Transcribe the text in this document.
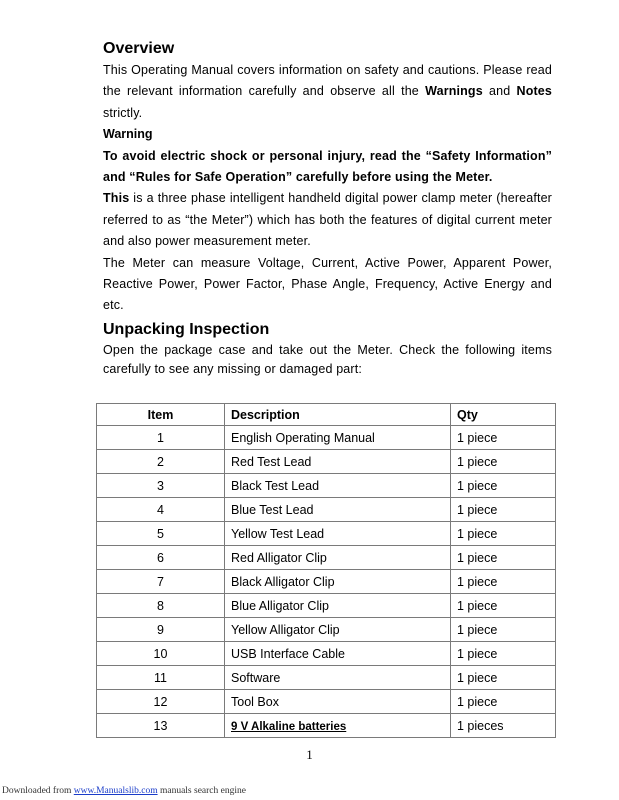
Overview

This Operating Manual covers information on safety and cautions. Please read the relevant information carefully and observe all the Warnings and Notes strictly.

Warning

To avoid electric shock or personal injury, read the “Safety Information” and “Rules for Safe Operation” carefully before using the Meter.

This is a three phase intelligent handheld digital power clamp meter (hereafter referred to as “the Meter”) which has both the features of digital current meter and also power measurement meter.

The Meter can measure Voltage, Current, Active Power, Apparent Power, Reactive Power, Power Factor, Phase Angle, Frequency, Active Energy and etc.

Unpacking Inspection

Open the package case and take out the Meter. Check the following items carefully to see any missing or damaged part:

Item	Description	Qty
1	English Operating Manual	1 piece
2	Red Test Lead	1 piece
3	Black Test Lead	1 piece
4	Blue Test Lead	1 piece
5	Yellow Test Lead	1 piece
6	Red Alligator Clip	1 piece
7	Black Alligator Clip	1 piece
8	Blue Alligator Clip	1 piece
9	Yellow Alligator Clip	1 piece
10	USB Interface Cable	1 piece
11	Software	1 piece
12	Tool Box	1 piece
13	9 V Alkaline batteries	1 pieces
1
Downloaded from www.Manualslib.com manuals search engine
